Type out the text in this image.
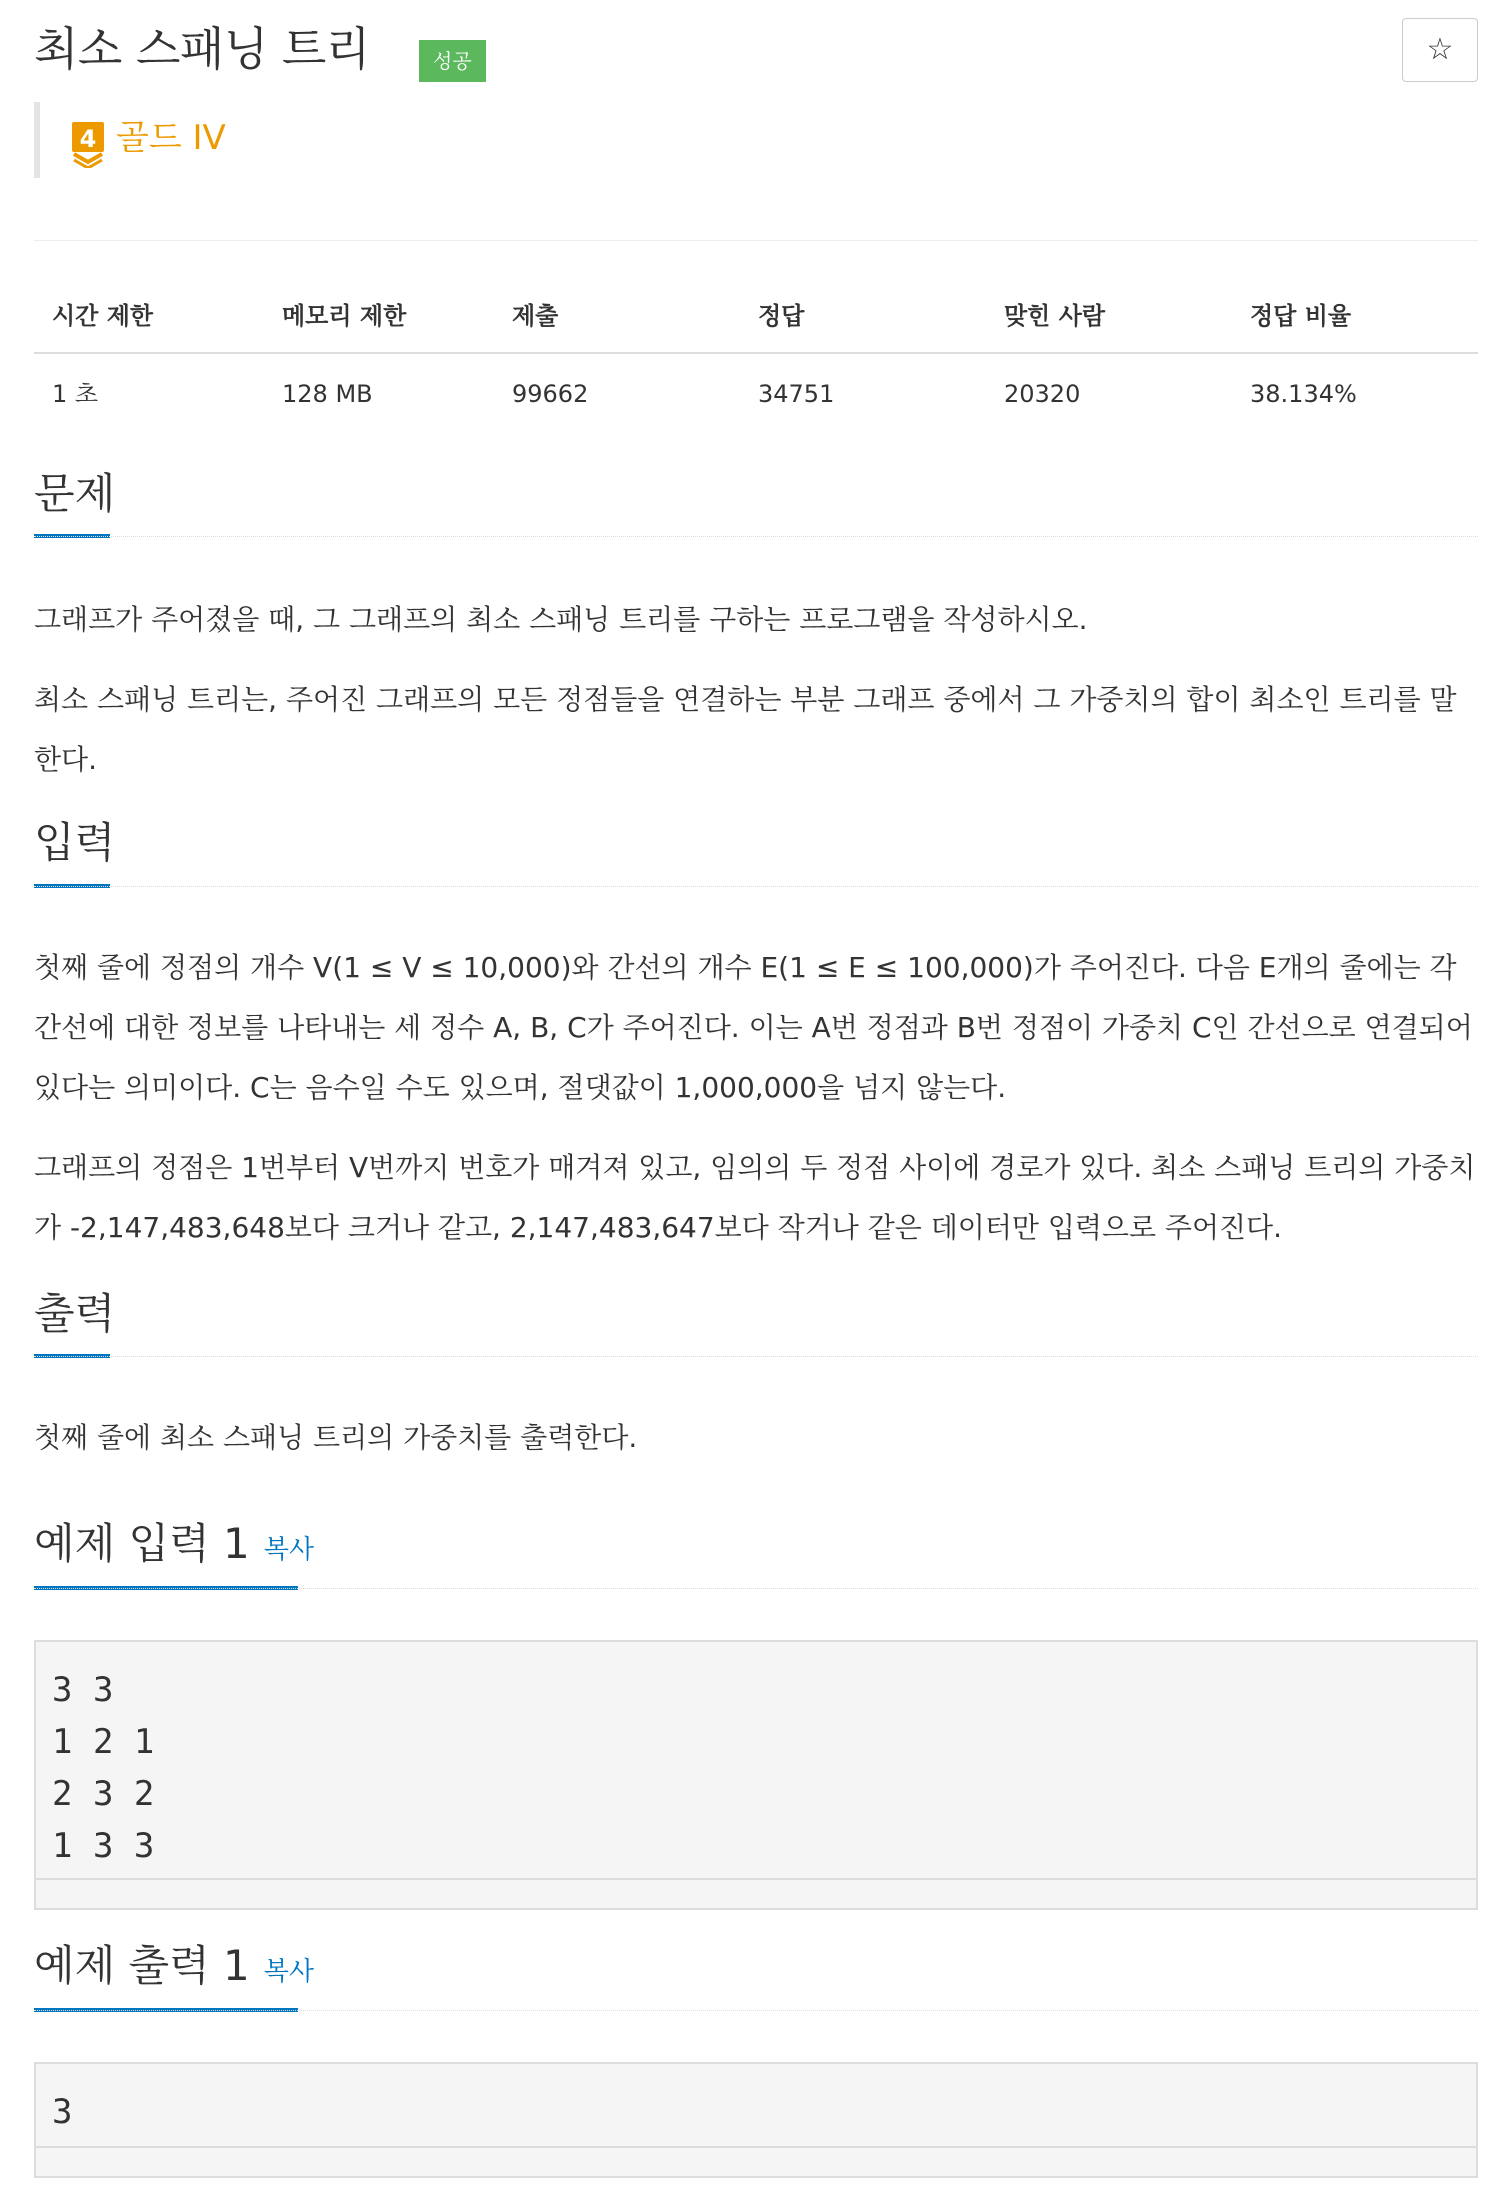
최소 스패닝 트리	성공	☆
4 골드 IV
시간 제한	메모리 제한	제출	정답	맞힌 사람	정답 비율
1 초	128 MB	99662	34751	20320	38.134%
문제
그래프가 주어졌을 때, 그 그래프의 최소 스패닝 트리를 구하는 프로그램을 작성하시오.
최소 스패닝 트리는, 주어진 그래프의 모든 정점들을 연결하는 부분 그래프 중에서 그 가중치의 합이 최소인 트리를 말한다.
입력
첫째 줄에 정점의 개수 V(1 ≤ V ≤ 10,000)와 간선의 개수 E(1 ≤ E ≤ 100,000)가 주어진다. 다음 E개의 줄에는 각 간선에 대한 정보를 나타내는 세 정수 A, B, C가 주어진다. 이는 A번 정점과 B번 정점이 가중치 C인 간선으로 연결되어 있다는 의미이다. C는 음수일 수도 있으며, 절댓값이 1,000,000을 넘지 않는다.
그래프의 정점은 1번부터 V번까지 번호가 매겨져 있고, 임의의 두 정점 사이에 경로가 있다. 최소 스패닝 트리의 가중치가 -2,147,483,648보다 크거나 같고, 2,147,483,647보다 작거나 같은 데이터만 입력으로 주어진다.
출력
첫째 줄에 최소 스패닝 트리의 가중치를 출력한다.
예제 입력 1 복사
3 3
1 2 1
2 3 2
1 3 3
예제 출력 1 복사
3
